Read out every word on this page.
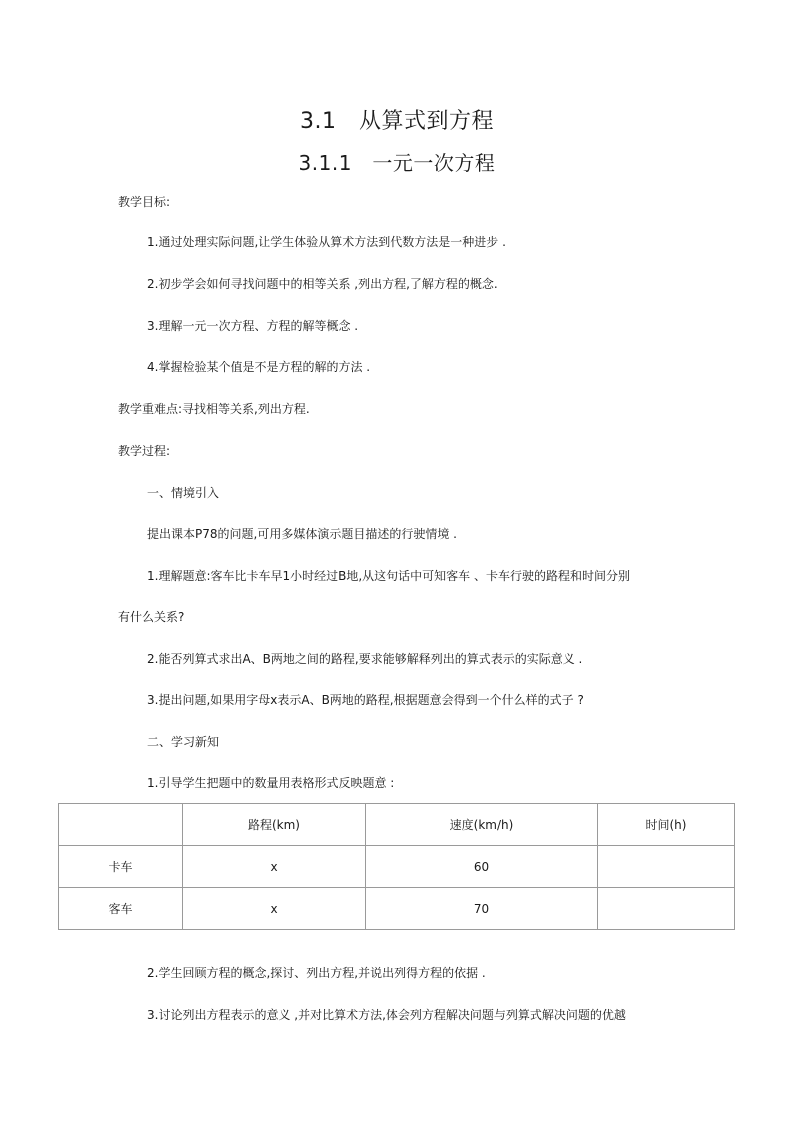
3.1　从算式到方程
3.1.1　一元一次方程
教学目标:
1.通过处理实际问题,让学生体验从算术方法到代数方法是一种进步 .
2.初步学会如何寻找问题中的相等关系 ,列出方程,了解方程的概念.
3.理解一元一次方程、方程的解等概念 .
4.掌握检验某个值是不是方程的解的方法 .
教学重难点:寻找相等关系,列出方程.
教学过程:
一、情境引入
提出课本P78的问题,可用多媒体演示题目描述的行驶情境 .
1.理解题意:客车比卡车早1小时经过B地,从这句话中可知客车 、卡车行驶的路程和时间分别
有什么关系?
2.能否列算式求出A、B两地之间的路程,要求能够解释列出的算式表示的实际意义 .
3.提出问题,如果用字母x表示A、B两地的路程,根据题意会得到一个什么样的式子 ?
二、学习新知
1.引导学生把题中的数量用表格形式反映题意 :
	路程(km)	速度(km/h)	时间(h)
卡车	x	60	
客车	x	70	
2.学生回顾方程的概念,探讨、列出方程,并说出列得方程的依据 .
3.讨论列出方程表示的意义 ,并对比算术方法,体会列方程解决问题与列算式解决问题的优越
